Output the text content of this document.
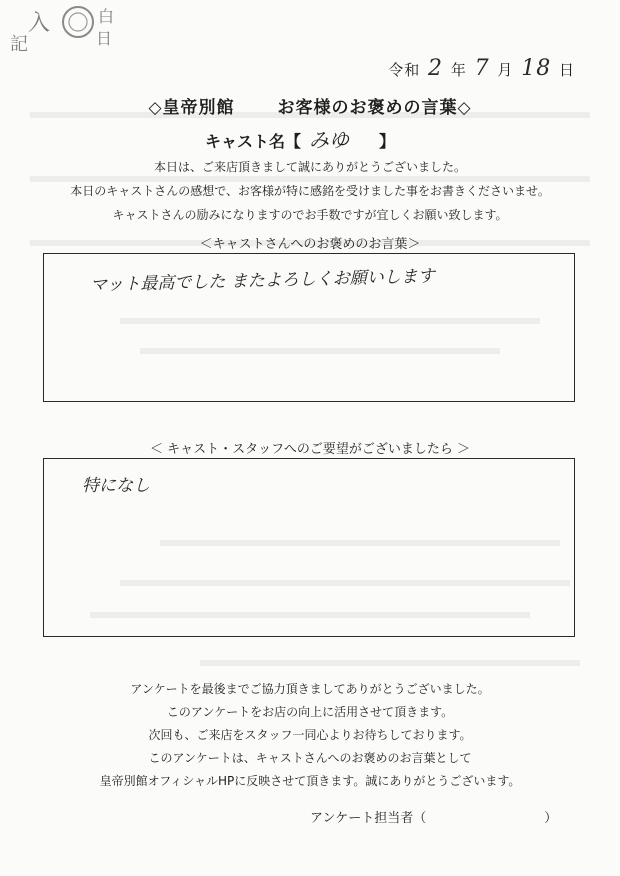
入	白
日
記
令和 2 年 7 月 18 日
◇皇帝別館	お客様のお褒めの言葉◇
キャスト名【 みゆ 】
本日は、ご来店頂きまして誠にありがとうございました。
本日のキャストさんの感想で、お客様が特に感銘を受けました事をお書きくださいませ。
キャストさんの励みになりますのでお手数ですが宜しくお願い致します。
＜キャストさんへのお褒めのお言葉＞
マット最高でした またよろしくお願いします
＜ キャスト・スタッフへのご要望がございましたら ＞
特になし
アンケートを最後までご協力頂きましてありがとうございました。
このアンケートをお店の向上に活用させて頂きます。
次回も、ご来店をスタッフ一同心よりお待ちしております。
このアンケートは、キャストさんへのお褒めのお言葉として
皇帝別館オフィシャルHPに反映させて頂きます。誠にありがとうございます。
アンケート担当者（	）
